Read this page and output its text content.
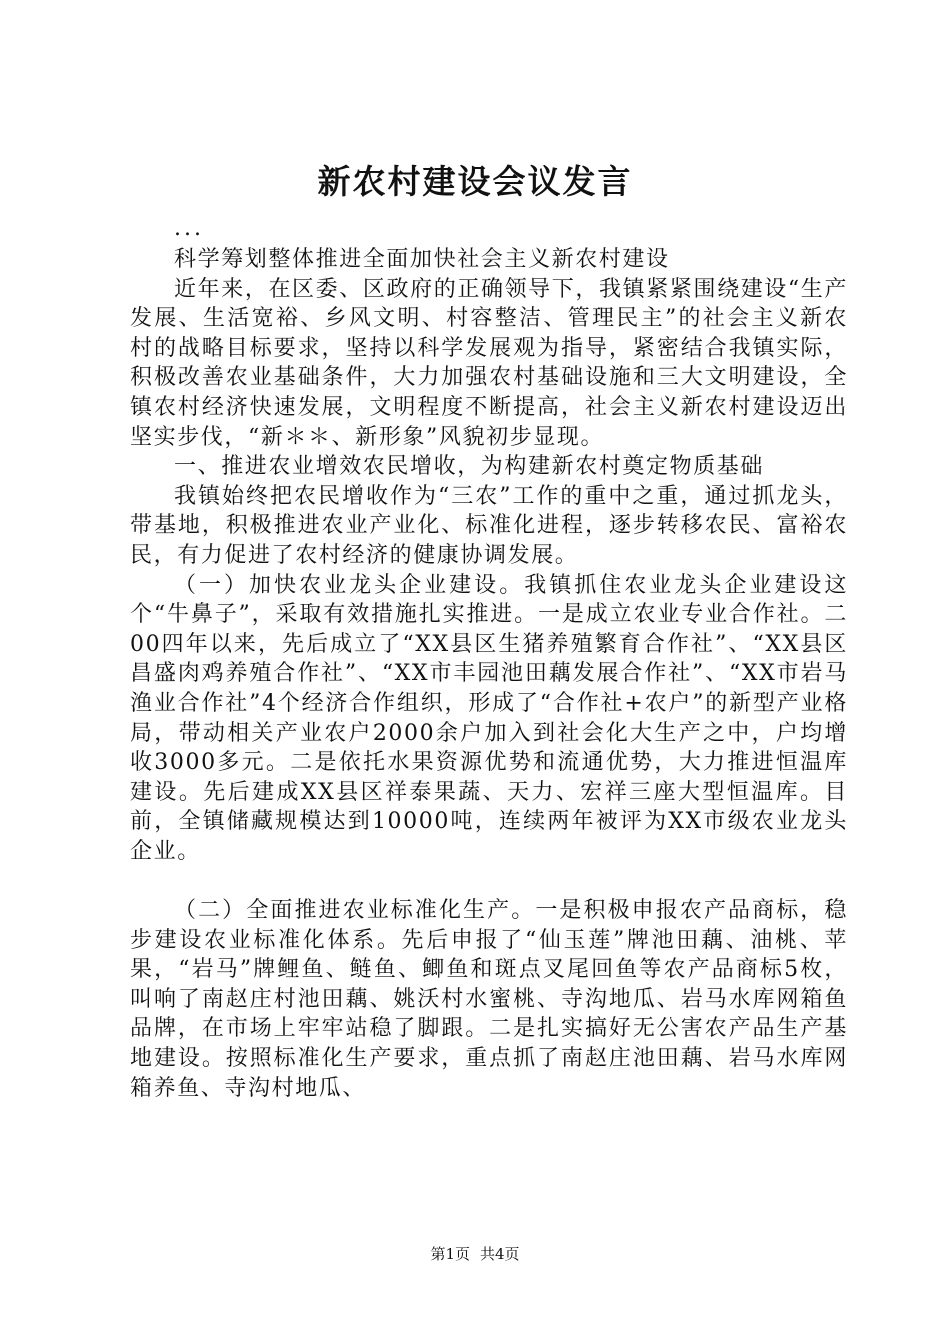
新农村建设会议发言

...

科学筹划整体推进全面加快社会主义新农村建设

近年来，在区委、区政府的正确领导下，我镇紧紧围绕建设“生产发展、生活宽裕、乡风文明、村容整洁、管理民主”的社会主义新农村的战略目标要求，坚持以科学发展观为指导，紧密结合我镇实际，积极改善农业基础条件，大力加强农村基础设施和三大文明建设，全镇农村经济快速发展，文明程度不断提高，社会主义新农村建设迈出坚实步伐，“新＊＊、新形象”风貌初步显现。

一、推进农业增效农民增收，为构建新农村奠定物质基础

我镇始终把农民增收作为“三农”工作的重中之重，通过抓龙头，带基地，积极推进农业产业化、标准化进程，逐步转移农民、富裕农民，有力促进了农村经济的健康协调发展。

（一）加快农业龙头企业建设。我镇抓住农业龙头企业建设这个“牛鼻子”，采取有效措施扎实推进。一是成立农业专业合作社。二00四年以来，先后成立了“XX县区生猪养殖繁育合作社”、“XX县区昌盛肉鸡养殖合作社”、“XX市丰园池田藕发展合作社”、“XX市岩马渔业合作社”4个经济合作组织，形成了“合作社+农户”的新型产业格局，带动相关产业农户2000余户加入到社会化大生产之中，户均增收3000多元。二是依托水果资源优势和流通优势，大力推进恒温库建设。先后建成XX县区祥泰果蔬、天力、宏祥三座大型恒温库。目前，全镇储藏规模达到10000吨，连续两年被评为XX市级农业龙头企业。

（二）全面推进农业标准化生产。一是积极申报农产品商标，稳步建设农业标准化体系。先后申报了“仙玉莲”牌池田藕、油桃、苹果，“岩马”牌鲤鱼、鲢鱼、鲫鱼和斑点叉尾回鱼等农产品商标5枚，叫响了南赵庄村池田藕、姚沃村水蜜桃、寺沟地瓜、岩马水库网箱鱼品牌，在市场上牢牢站稳了脚跟。二是扎实搞好无公害农产品生产基地建设。按照标准化生产要求，重点抓了南赵庄池田藕、岩马水库网箱养鱼、寺沟村地瓜、

第1页 共4页
